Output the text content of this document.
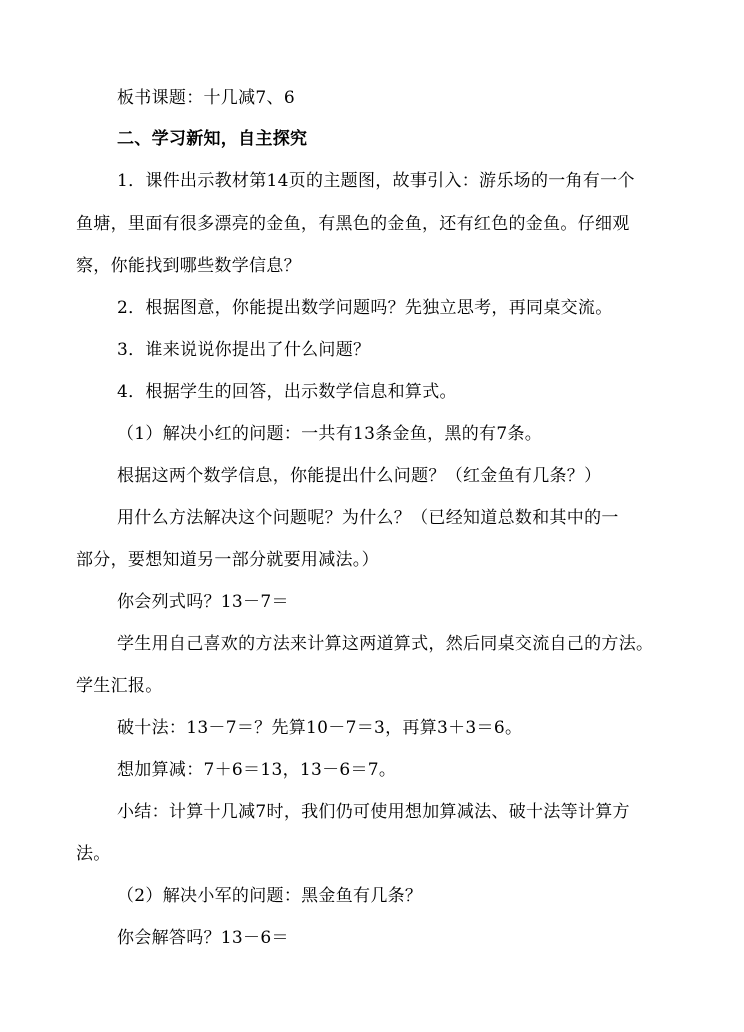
板书课题：十几减7、6
二、学习新知，自主探究
1．课件出示教材第14页的主题图，故事引入：游乐场的一角有一个
鱼塘，里面有很多漂亮的金鱼，有黑色的金鱼，还有红色的金鱼。仔细观
察，你能找到哪些数学信息？
2．根据图意，你能提出数学问题吗？先独立思考，再同桌交流。
3．谁来说说你提出了什么问题？
4．根据学生的回答，出示数学信息和算式。
（1）解决小红的问题：一共有13条金鱼，黑的有7条。
根据这两个数学信息，你能提出什么问题？（红金鱼有几条？）
用什么方法解决这个问题呢？为什么？（已经知道总数和其中的一
部分，要想知道另一部分就要用减法。）
你会列式吗？13－7＝
学生用自己喜欢的方法来计算这两道算式，然后同桌交流自己的方法。
学生汇报。
破十法：13－7＝？先算10－7＝3，再算3＋3＝6。
想加算减：7＋6＝13，13－6＝7。
小结：计算十几减7时，我们仍可使用想加算减法、破十法等计算方
法。
（2）解决小军的问题：黑金鱼有几条？
你会解答吗？13－6＝
